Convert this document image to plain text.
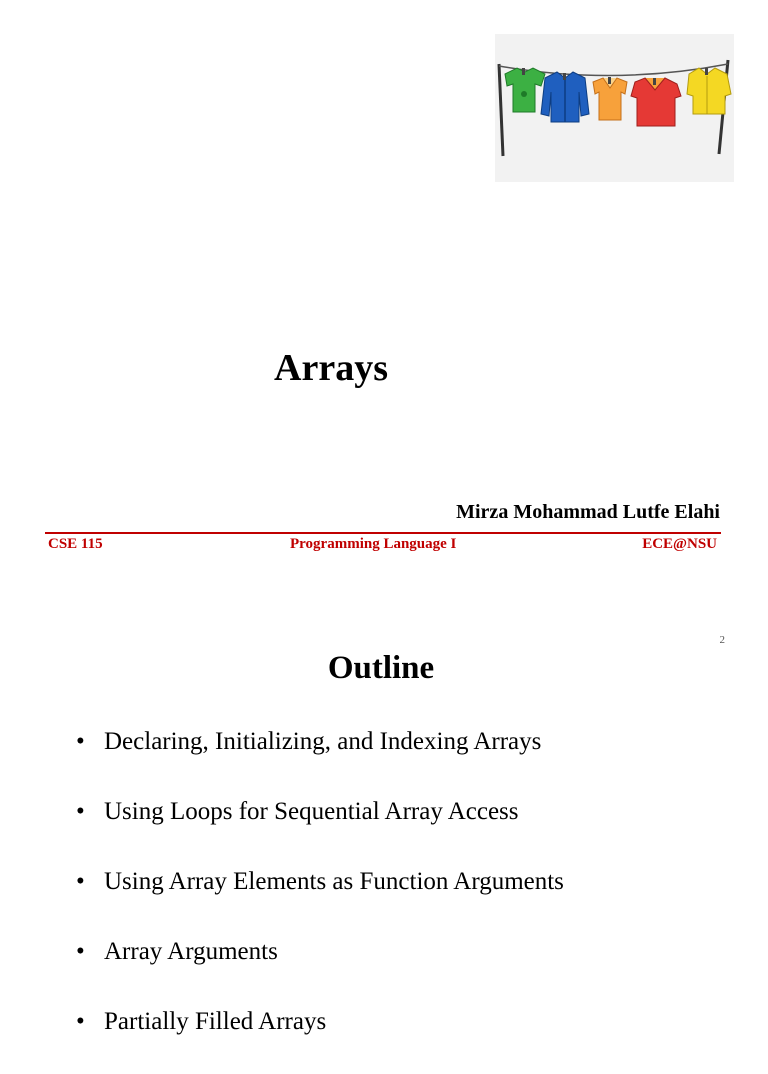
Arrays
Mirza Mohammad Lutfe Elahi
CSE 115	Programming Language I	ECE@NSU
2
Outline
• Declaring, Initializing, and Indexing Arrays
• Using Loops for Sequential Array Access
• Using Array Elements as Function Arguments
• Array Arguments
• Partially Filled Arrays
